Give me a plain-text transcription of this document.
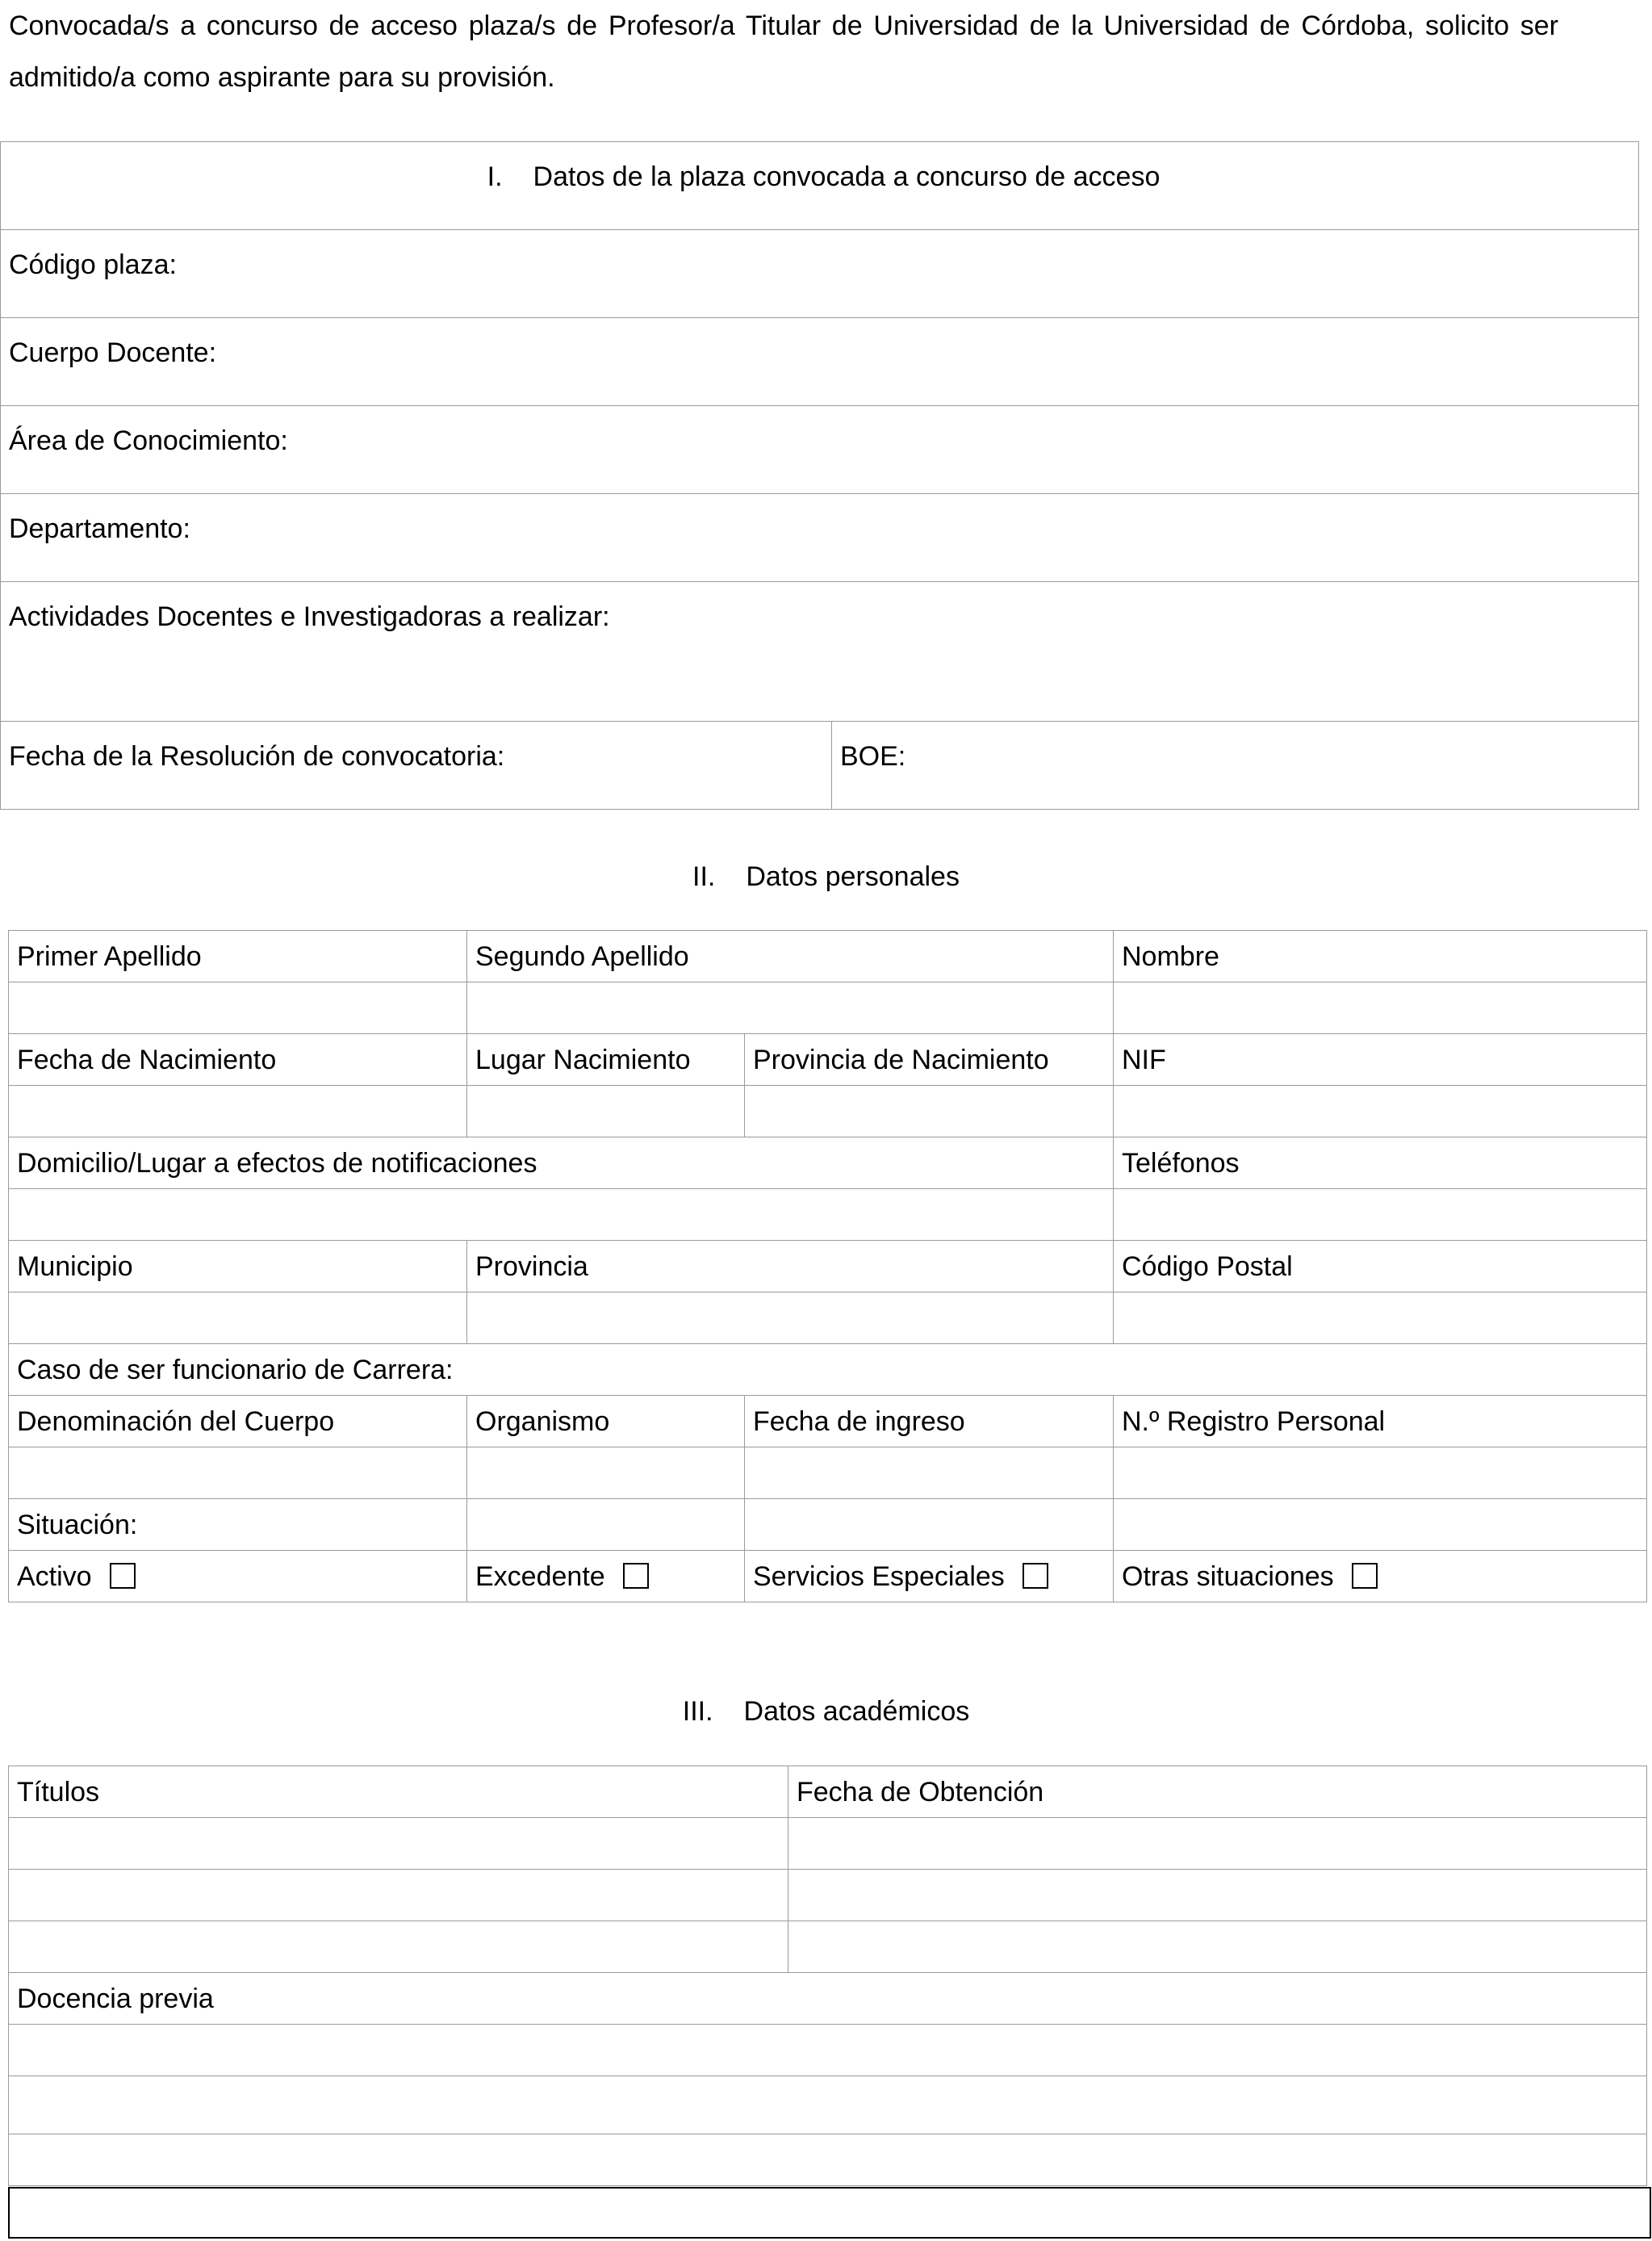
Convocada/s a concurso de acceso plaza/s de Profesor/a Titular de Universidad de la Universidad de Córdoba, solicito ser admitido/a como aspirante para su provisión.
I. Datos de la plaza convocada a concurso de acceso
Código plaza:
Cuerpo Docente:
Área de Conocimiento:
Departamento:
Actividades Docentes e Investigadoras a realizar:
Fecha de la Resolución de convocatoria:	BOE:
II. Datos personales
Primer Apellido	Segundo Apellido		Nombre

Fecha de Nacimiento	Lugar Nacimiento	Provincia de Nacimiento	NIF

Domicilio/Lugar a efectos de notificaciones			Teléfonos

Municipio	Provincia		Código Postal

Caso de ser funcionario de Carrera:			
Denominación del Cuerpo	Organismo	Fecha de ingreso	N.º Registro Personal

Situación:			
Activo	Excedente	Servicios Especiales	Otras situaciones
III. Datos académicos
Títulos	Fecha de Obtención

Docencia previa	
